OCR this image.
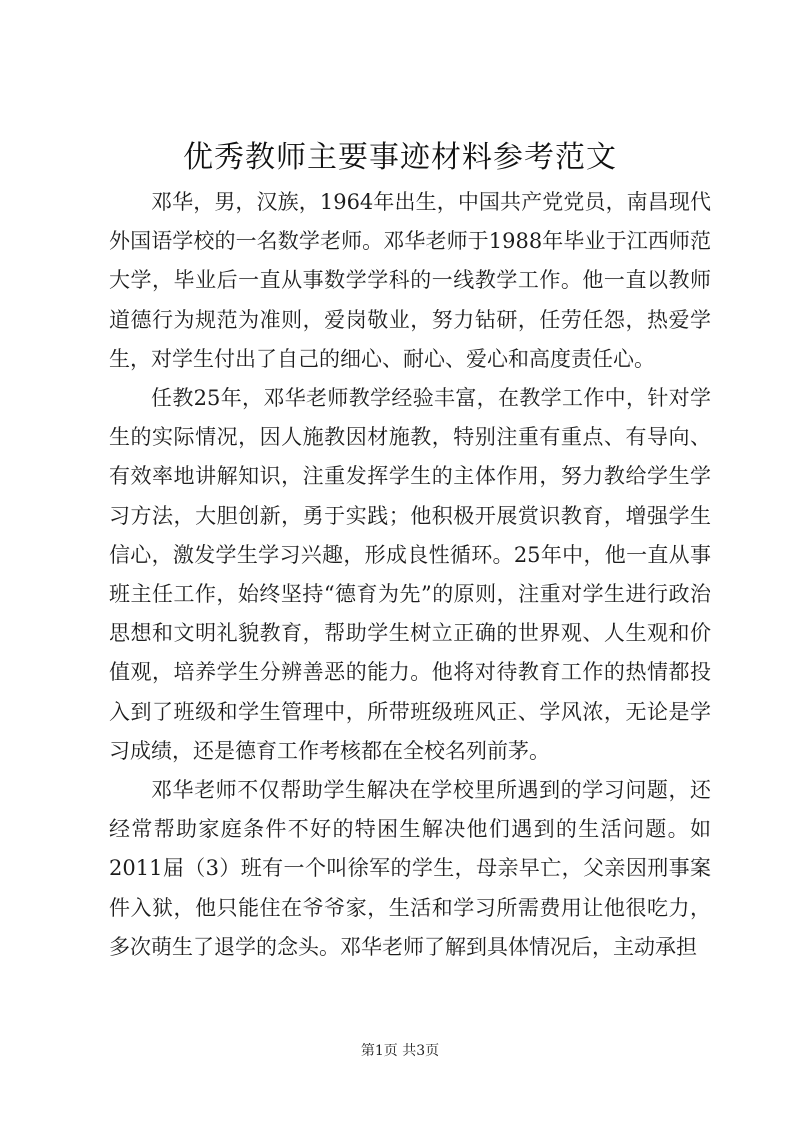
优秀教师主要事迹材料参考范文

邓华，男，汉族，1964年出生，中国共产党党员，南昌现代外国语学校的一名数学老师。邓华老师于1988年毕业于江西师范大学，毕业后一直从事数学学科的一线教学工作。他一直以教师道德行为规范为准则，爱岗敬业，努力钻研，任劳任怨，热爱学生，对学生付出了自己的细心、耐心、爱心和高度责任心。

任教25年，邓华老师教学经验丰富，在教学工作中，针对学生的实际情况，因人施教因材施教，特别注重有重点、有导向、有效率地讲解知识，注重发挥学生的主体作用，努力教给学生学习方法，大胆创新，勇于实践；他积极开展赏识教育，增强学生信心，激发学生学习兴趣，形成良性循环。25年中，他一直从事班主任工作，始终坚持“德育为先”的原则，注重对学生进行政治思想和文明礼貌教育，帮助学生树立正确的世界观、人生观和价值观，培养学生分辨善恶的能力。他将对待教育工作的热情都投入到了班级和学生管理中，所带班级班风正、学风浓，无论是学习成绩，还是德育工作考核都在全校名列前茅。

邓华老师不仅帮助学生解决在学校里所遇到的学习问题，还经常帮助家庭条件不好的特困生解决他们遇到的生活问题。如2011届（3）班有一个叫徐军的学生，母亲早亡，父亲因刑事案件入狱，他只能住在爷爷家，生活和学习所需费用让他很吃力，多次萌生了退学的念头。邓华老师了解到具体情况后，主动承担

第1页 共3页
